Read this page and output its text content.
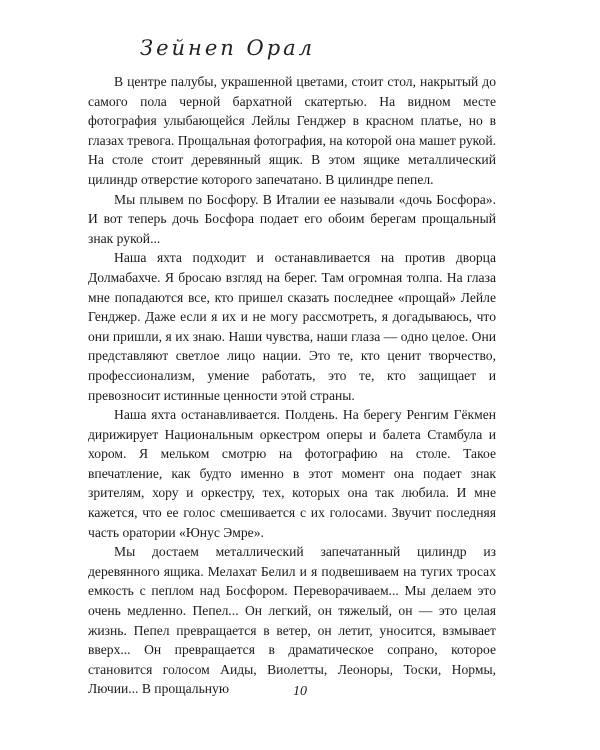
Зейнеп Орал

В центре палубы, украшенной цветами, стоит стол, накрытый до самого пола черной бархатной скатертью. На видном месте фотография улыбающейся Лейлы Генджер в красном платье, но в глазах тревога. Прощальная фотография, на которой она машет рукой. На столе стоит деревянный ящик. В этом ящике металлический цилиндр отверстие которого запечатано. В цилиндре пепел.

Мы плывем по Босфору. В Италии ее называли «дочь Босфора». И вот теперь дочь Босфора подает его обоим берегам прощальный знак рукой...

Наша яхта подходит и останавливается на против дворца Долмабахче. Я бросаю взгляд на берег. Там огромная толпа. На глаза мне попадаются все, кто пришел сказать последнее «прощай» Лейле Генджер. Даже если я их и не могу рассмотреть, я догадываюсь, что они пришли, я их знаю. Наши чувства, наши глаза — одно целое. Они представляют светлое лицо нации. Это те, кто ценит творчество, профессионализм, умение работать, это те, кто защищает и превозносит истинные ценности этой страны.

Наша яхта останавливается. Полдень. На берегу Ренгим Гёкмен дирижирует Национальным оркестром оперы и балета Стамбула и хором. Я мельком смотрю на фотографию на столе. Такое впечатление, как будто именно в этот момент она подает знак зрителям, хору и оркестру, тех, которых она так любила. И мне кажется, что ее голос смешивается с их голосами. Звучит последняя часть оратории «Юнус Эмре».

Мы достаем металлический запечатанный цилиндр из деревянного ящика. Мелахат Белил и я подвешиваем на тугих тросах емкость с пеплом над Босфором. Переворачиваем... Мы делаем это очень медленно. Пепел... Он легкий, он тяжелый, он — это целая жизнь. Пепел превращается в ветер, он летит, уносится, взмывает вверх... Он превращается в драматическое сопрано, которое становится голосом Аиды, Виолетты, Леоноры, Тоски, Нормы, Лючии... В прощальную	10
